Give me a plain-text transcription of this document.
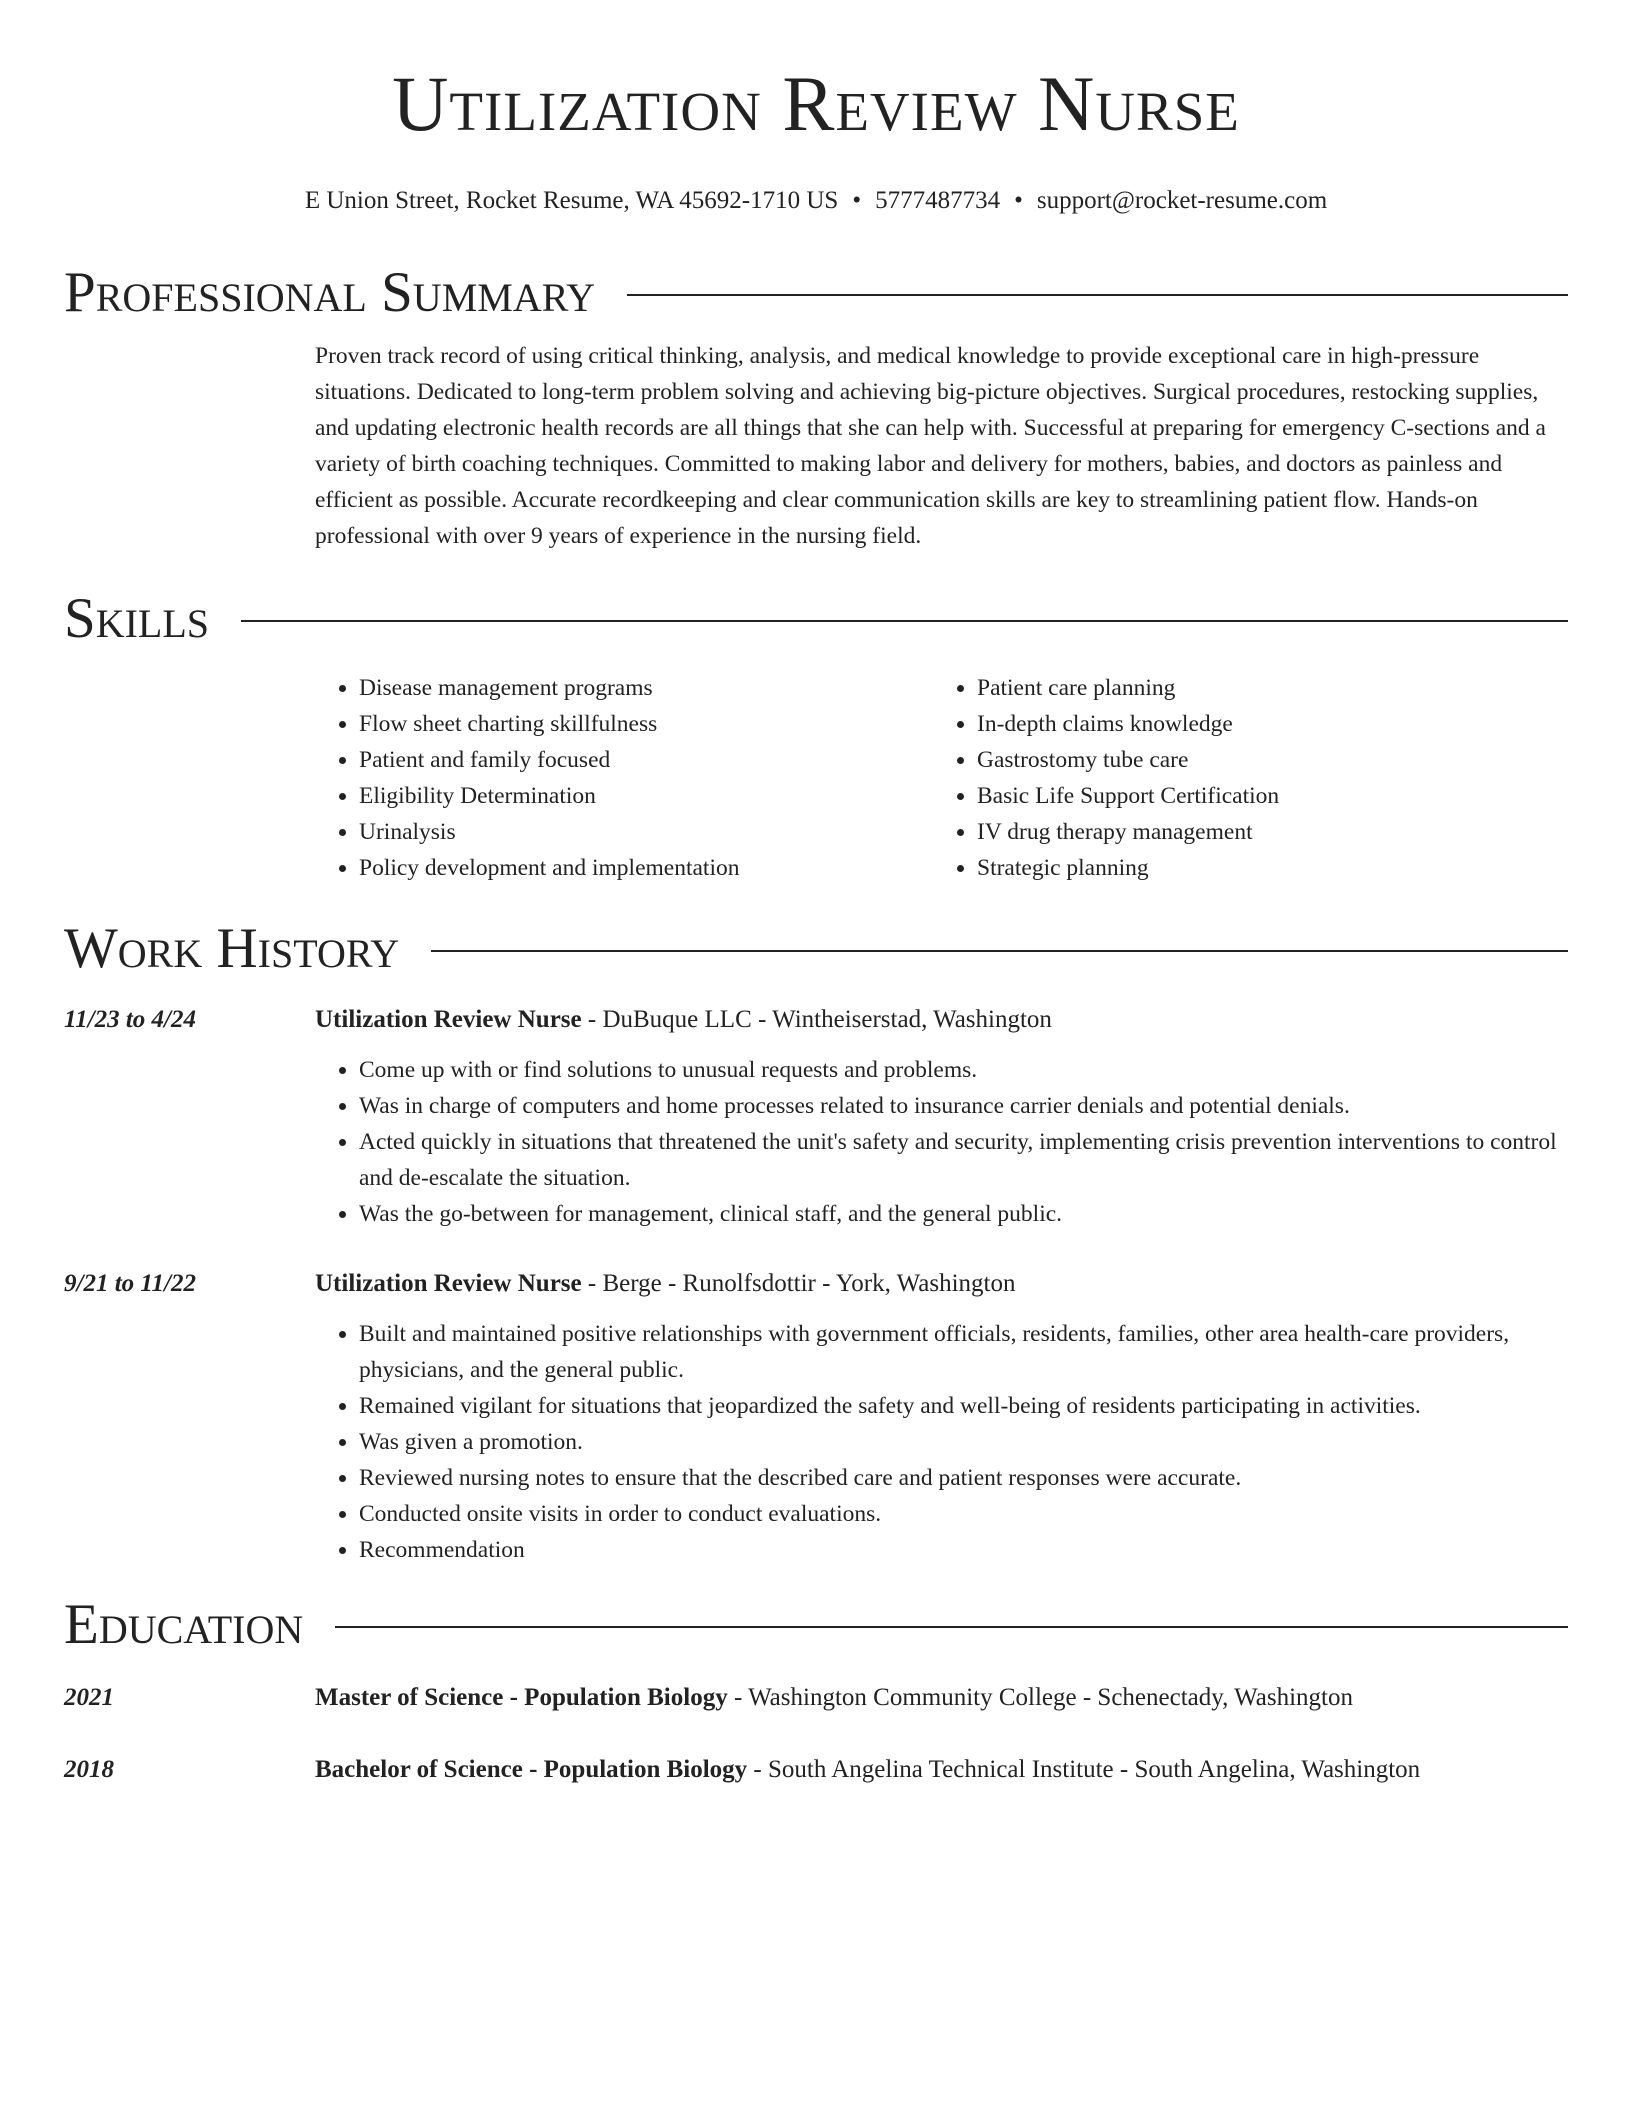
Utilization Review Nurse
E Union Street, Rocket Resume, WA 45692-1710 US • 5777487734 • support@rocket-resume.com
Professional Summary
Proven track record of using critical thinking, analysis, and medical knowledge to provide exceptional care in high-pressure situations. Dedicated to long-term problem solving and achieving big-picture objectives. Surgical procedures, restocking supplies, and updating electronic health records are all things that she can help with. Successful at preparing for emergency C-sections and a variety of birth coaching techniques. Committed to making labor and delivery for mothers, babies, and doctors as painless and efficient as possible. Accurate recordkeeping and clear communication skills are key to streamlining patient flow. Hands-on professional with over 9 years of experience in the nursing field.
Skills
• Disease management programs
• Flow sheet charting skillfulness
• Patient and family focused
• Eligibility Determination
• Urinalysis
• Policy development and implementation
• Patient care planning
• In-depth claims knowledge
• Gastrostomy tube care
• Basic Life Support Certification
• IV drug therapy management
• Strategic planning
Work History
11/23 to 4/24	Utilization Review Nurse - DuBuque LLC - Wintheiserstad, Washington
• Come up with or find solutions to unusual requests and problems.
• Was in charge of computers and home processes related to insurance carrier denials and potential denials.
• Acted quickly in situations that threatened the unit's safety and security, implementing crisis prevention interventions to control and de-escalate the situation.
• Was the go-between for management, clinical staff, and the general public.
9/21 to 11/22	Utilization Review Nurse - Berge - Runolfsdottir - York, Washington
• Built and maintained positive relationships with government officials, residents, families, other area health-care providers, physicians, and the general public.
• Remained vigilant for situations that jeopardized the safety and well-being of residents participating in activities.
• Was given a promotion.
• Reviewed nursing notes to ensure that the described care and patient responses were accurate.
• Conducted onsite visits in order to conduct evaluations.
• Recommendation
Education
2021	Master of Science - Population Biology - Washington Community College - Schenectady, Washington
2018	Bachelor of Science - Population Biology - South Angelina Technical Institute - South Angelina, Washington
